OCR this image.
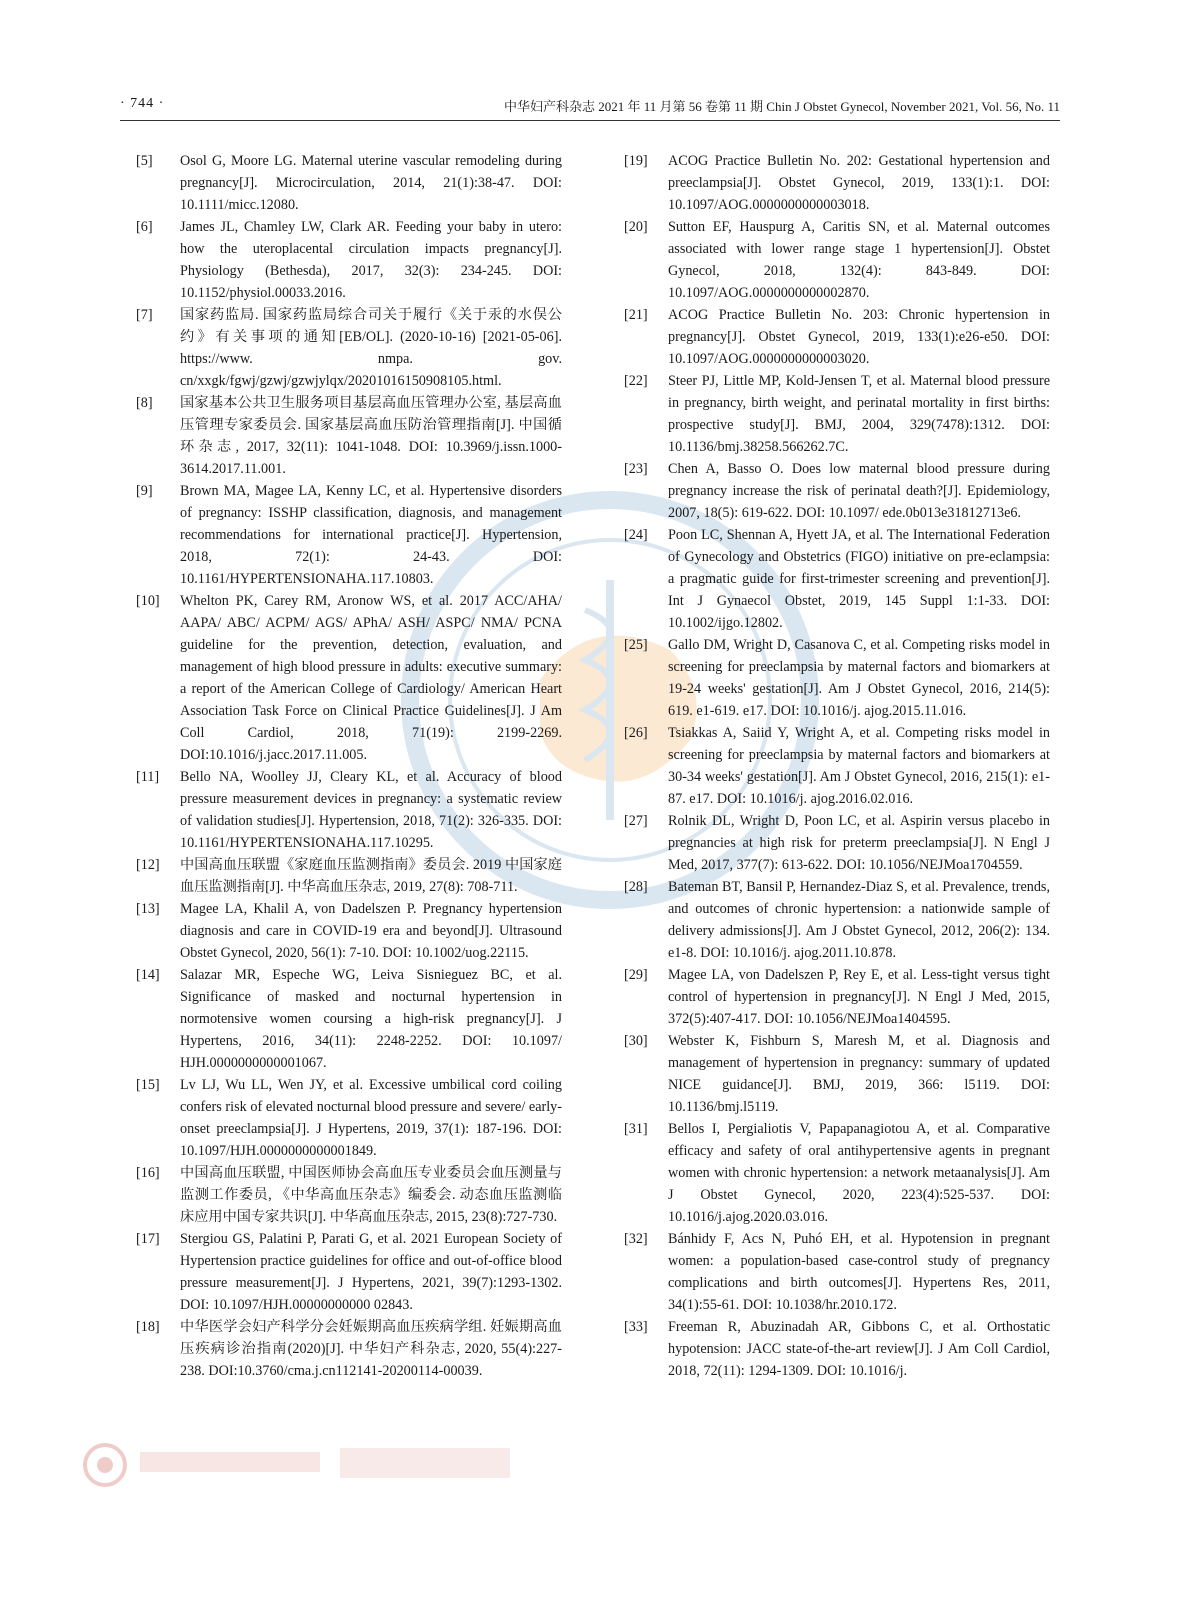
· 744 ·	中华妇产科杂志 2021 年 11 月第 56 卷第 11 期 Chin J Obstet Gynecol, November 2021, Vol. 56, No. 11
[5]	Osol G, Moore LG. Maternal uterine vascular remodeling during pregnancy[J]. Microcirculation, 2014, 21(1):38-47. DOI: 10.1111/micc.12080.
[6]	James JL, Chamley LW, Clark AR. Feeding your baby in utero: how the uteroplacental circulation impacts pregnancy[J]. Physiology (Bethesda), 2017, 32(3): 234-245. DOI: 10.1152/physiol.00033.2016.
[7]	国家药监局. 国家药监局综合司关于履行《关于汞的水俣公约》有关事项的通知[EB/OL]. (2020-10-16) [2021-05-06]. https://www. nmpa. gov. cn/xxgk/fgwj/gzwj/gzwjylqx/20201016150908105.html.
[8]	国家基本公共卫生服务项目基层高血压管理办公室, 基层高血压管理专家委员会. 国家基层高血压防治管理指南[J]. 中国循环杂志, 2017, 32(11): 1041-1048. DOI: 10.3969/j.issn.1000-3614.2017.11.001.
[9]	Brown MA, Magee LA, Kenny LC, et al. Hypertensive disorders of pregnancy: ISSHP classification, diagnosis, and management recommendations for international practice[J]. Hypertension, 2018, 72(1): 24-43. DOI: 10.1161/HYPERTENSIONAHA.117.10803.
[10]	Whelton PK, Carey RM, Aronow WS, et al. 2017 ACC/AHA/ AAPA/ ABC/ ACPM/ AGS/ APhA/ ASH/ ASPC/ NMA/ PCNA guideline for the prevention, detection, evaluation, and management of high blood pressure in adults: executive summary: a report of the American College of Cardiology/ American Heart Association Task Force on Clinical Practice Guidelines[J]. J Am Coll Cardiol, 2018, 71(19): 2199-2269. DOI:10.1016/j.jacc.2017.11.005.
[11]	Bello NA, Woolley JJ, Cleary KL, et al. Accuracy of blood pressure measurement devices in pregnancy: a systematic review of validation studies[J]. Hypertension, 2018, 71(2): 326-335. DOI: 10.1161/HYPERTENSIONAHA.117.10295.
[12]	中国高血压联盟《家庭血压监测指南》委员会. 2019 中国家庭血压监测指南[J]. 中华高血压杂志, 2019, 27(8): 708-711.
[13]	Magee LA, Khalil A, von Dadelszen P. Pregnancy hypertension diagnosis and care in COVID-19 era and beyond[J]. Ultrasound Obstet Gynecol, 2020, 56(1): 7-10. DOI: 10.1002/uog.22115.
[14]	Salazar MR, Espeche WG, Leiva Sisnieguez BC, et al. Significance of masked and nocturnal hypertension in normotensive women coursing a high-risk pregnancy[J]. J Hypertens, 2016, 34(11): 2248-2252. DOI: 10.1097/ HJH.0000000000001067.
[15]	Lv LJ, Wu LL, Wen JY, et al. Excessive umbilical cord coiling confers risk of elevated nocturnal blood pressure and severe/ early-onset preeclampsia[J]. J Hypertens, 2019, 37(1): 187-196. DOI: 10.1097/HJH.0000000000001849.
[16]	中国高血压联盟, 中国医师协会高血压专业委员会血压测量与监测工作委员, 《中华高血压杂志》编委会. 动态血压监测临床应用中国专家共识[J]. 中华高血压杂志, 2015, 23(8):727-730.
[17]	Stergiou GS, Palatini P, Parati G, et al. 2021 European Society of Hypertension practice guidelines for office and out-of-office blood pressure measurement[J]. J Hypertens, 2021, 39(7):1293-1302. DOI: 10.1097/HJH.00000000000 02843.
[18]	中华医学会妇产科学分会妊娠期高血压疾病学组. 妊娠期高血压疾病诊治指南(2020)[J]. 中华妇产科杂志, 2020, 55(4):227-238. DOI:10.3760/cma.j.cn112141-20200114-00039.
[19]	ACOG Practice Bulletin No. 202: Gestational hypertension and preeclampsia[J]. Obstet Gynecol, 2019, 133(1):1. DOI: 10.1097/AOG.0000000000003018.
[20]	Sutton EF, Hauspurg A, Caritis SN, et al. Maternal outcomes associated with lower range stage 1 hypertension[J]. Obstet Gynecol, 2018, 132(4): 843-849. DOI: 10.1097/AOG.0000000000002870.
[21]	ACOG Practice Bulletin No. 203: Chronic hypertension in pregnancy[J]. Obstet Gynecol, 2019, 133(1):e26-e50. DOI: 10.1097/AOG.0000000000003020.
[22]	Steer PJ, Little MP, Kold-Jensen T, et al. Maternal blood pressure in pregnancy, birth weight, and perinatal mortality in first births: prospective study[J]. BMJ, 2004, 329(7478):1312. DOI: 10.1136/bmj.38258.566262.7C.
[23]	Chen A, Basso O. Does low maternal blood pressure during pregnancy increase the risk of perinatal death?[J]. Epidemiology, 2007, 18(5): 619-622. DOI: 10.1097/ ede.0b013e31812713e6.
[24]	Poon LC, Shennan A, Hyett JA, et al. The International Federation of Gynecology and Obstetrics (FIGO) initiative on pre-eclampsia: a pragmatic guide for first-trimester screening and prevention[J]. Int J Gynaecol Obstet, 2019, 145 Suppl 1:1-33. DOI: 10.1002/ijgo.12802.
[25]	Gallo DM, Wright D, Casanova C, et al. Competing risks model in screening for preeclampsia by maternal factors and biomarkers at 19-24 weeks' gestation[J]. Am J Obstet Gynecol, 2016, 214(5): 619. e1-619. e17. DOI: 10.1016/j. ajog.2015.11.016.
[26]	Tsiakkas A, Saiid Y, Wright A, et al. Competing risks model in screening for preeclampsia by maternal factors and biomarkers at 30-34 weeks' gestation[J]. Am J Obstet Gynecol, 2016, 215(1): e1-87. e17. DOI: 10.1016/j. ajog.2016.02.016.
[27]	Rolnik DL, Wright D, Poon LC, et al. Aspirin versus placebo in pregnancies at high risk for preterm preeclampsia[J]. N Engl J Med, 2017, 377(7): 613-622. DOI: 10.1056/NEJMoa1704559.
[28]	Bateman BT, Bansil P, Hernandez-Diaz S, et al. Prevalence, trends, and outcomes of chronic hypertension: a nationwide sample of delivery admissions[J]. Am J Obstet Gynecol, 2012, 206(2): 134. e1-8. DOI: 10.1016/j. ajog.2011.10.878.
[29]	Magee LA, von Dadelszen P, Rey E, et al. Less-tight versus tight control of hypertension in pregnancy[J]. N Engl J Med, 2015, 372(5):407-417. DOI: 10.1056/NEJMoa1404595.
[30]	Webster K, Fishburn S, Maresh M, et al. Diagnosis and management of hypertension in pregnancy: summary of updated NICE guidance[J]. BMJ, 2019, 366: l5119. DOI: 10.1136/bmj.l5119.
[31]	Bellos I, Pergialiotis V, Papapanagiotou A, et al. Comparative efficacy and safety of oral antihypertensive agents in pregnant women with chronic hypertension: a network metaanalysis[J]. Am J Obstet Gynecol, 2020, 223(4):525-537. DOI: 10.1016/j.ajog.2020.03.016.
[32]	Bánhidy F, Acs N, Puhó EH, et al. Hypotension in pregnant women: a population-based case-control study of pregnancy complications and birth outcomes[J]. Hypertens Res, 2011, 34(1):55-61. DOI: 10.1038/hr.2010.172.
[33]	Freeman R, Abuzinadah AR, Gibbons C, et al. Orthostatic hypotension: JACC state-of-the-art review[J]. J Am Coll Cardiol, 2018, 72(11): 1294-1309. DOI: 10.1016/j.
